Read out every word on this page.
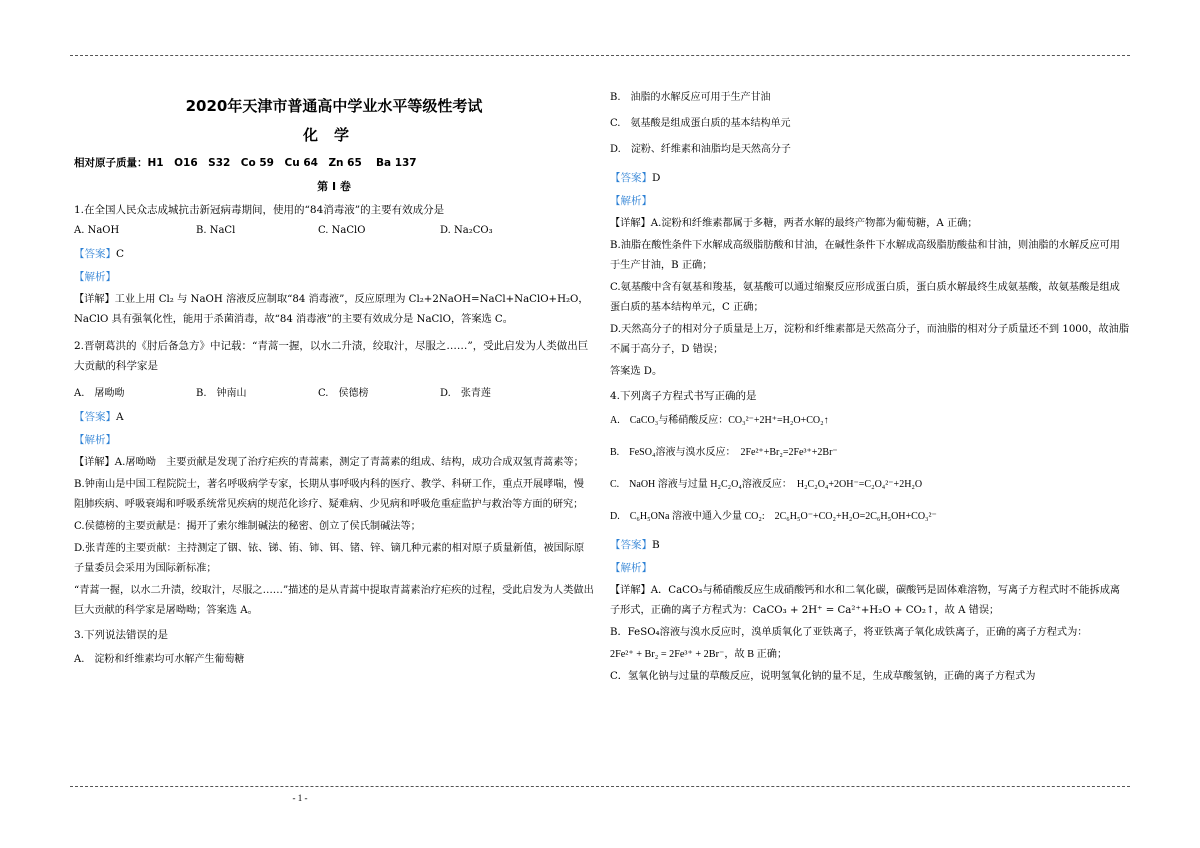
2020年天津市普通高中学业水平等级性考试
化学
相对原子质量：H1　O16　S32　Co 59　Cu 64　Zn 65　 Ba 137
第 I 卷
1.在全国人民众志成城抗击新冠病毒期间，使用的“84消毒液”的主要有效成分是
A. NaOH	B. NaCl	C. NaClO	D. Na₂CO₃
【答案】C
【解析】

【详解】工业上用 Cl₂ 与 NaOH 溶液反应制取“84 消毒液”，反应原理为 Cl₂+2NaOH=NaCl+NaClO+H₂O，NaClO 具有强氧化性，能用于杀菌消毒，故“84 消毒液”的主要有效成分是 NaClO，答案选 C。

2.晋朝葛洪的《肘后备急方》中记载：“青蒿一握，以水二升渍，绞取汁，尽服之……”，受此启发为人类做出巨大贡献的科学家是
A.　屠呦呦	B.　钟南山	C.　侯德榜	D.　张青莲
【答案】A
【解析】

【详解】A.屠呦呦　主要贡献是发现了治疗疟疾的青蒿素，测定了青蒿素的组成、结构，成功合成双氢青蒿素等；

B.钟南山是中国工程院院士，著名呼吸病学专家，长期从事呼吸内科的医疗、教学、科研工作，重点开展哮喘，慢阻肺疾病、呼吸衰竭和呼吸系统常见疾病的规范化诊疗、疑难病、少见病和呼吸危重症监护与救治等方面的研究；

C.侯德榜的主要贡献是：揭开了索尔维制碱法的秘密、创立了侯氏制碱法等；

D.张青莲的主要贡献：主持测定了铟、铱、锑、铕、铈、铒、锗、锌、镝几种元素的相对原子质量新值，被国际原子量委员会采用为国际新标准；

“青蒿一握，以水二升渍，绞取汁，尽服之……”描述的是从青蒿中提取青蒿素治疗疟疾的过程，受此启发为人类做出巨大贡献的科学家是屠呦呦；答案选 A。

3.下列说法错误的是
A.　淀粉和纤维素均可水解产生葡萄糖
B.　油脂的水解反应可用于生产甘油
C.　氨基酸是组成蛋白质的基本结构单元
D.　淀粉、纤维素和油脂均是天然高分子
【答案】D
【解析】

【详解】A.淀粉和纤维素都属于多糖，两者水解的最终产物都为葡萄糖，A 正确；

B.油脂在酸性条件下水解成高级脂肪酸和甘油，在碱性条件下水解成高级脂肪酸盐和甘油，则油脂的水解反应可用于生产甘油，B 正确；

C.氨基酸中含有氨基和羧基，氨基酸可以通过缩聚反应形成蛋白质，蛋白质水解最终生成氨基酸，故氨基酸是组成蛋白质的基本结构单元，C 正确；

D.天然高分子的相对分子质量是上万，淀粉和纤维素都是天然高分子，而油脂的相对分子质量还不到 1000，故油脂不属于高分子，D 错误；

答案选 D。

4.下列离子方程式书写正确的是
A.　CaCO₃与稀硝酸反应：CO₃²⁻+2H⁺=H₂O+CO₂↑
B.　FeSO₄溶液与溴水反应：　2Fe²⁺+Br₂=2Fe³⁺+2Br⁻
C.　NaOH 溶液与过量 H₂C₂O₄溶液反应：　H₂C₂O₄+2OH⁻=C₂O₄²⁻+2H₂O
D.　C₆H₅ONa 溶液中通入少量 CO₂:　2C₆H₅O⁻+CO₂+H₂O=2C₆H₅OH+CO₃²⁻
【答案】B
【解析】

【详解】A．CaCO₃与稀硝酸反应生成硝酸钙和水和二氧化碳，碳酸钙是固体难溶物，写离子方程式时不能拆成离子形式，正确的离子方程式为：CaCO₃ + 2H⁺ = Ca²⁺+H₂O + CO₂↑，故 A 错误；

B．FeSO₄溶液与溴水反应时，溴单质氧化了亚铁离子，将亚铁离子氧化成铁离子，正确的离子方程式为：

2Fe²⁺ + Br₂ = 2Fe³⁺ + 2Br⁻，故 B 正确；

C．氢氧化钠与过量的草酸反应，说明氢氧化钠的量不足，生成草酸氢钠，正确的离子方程式为

- 1 -
